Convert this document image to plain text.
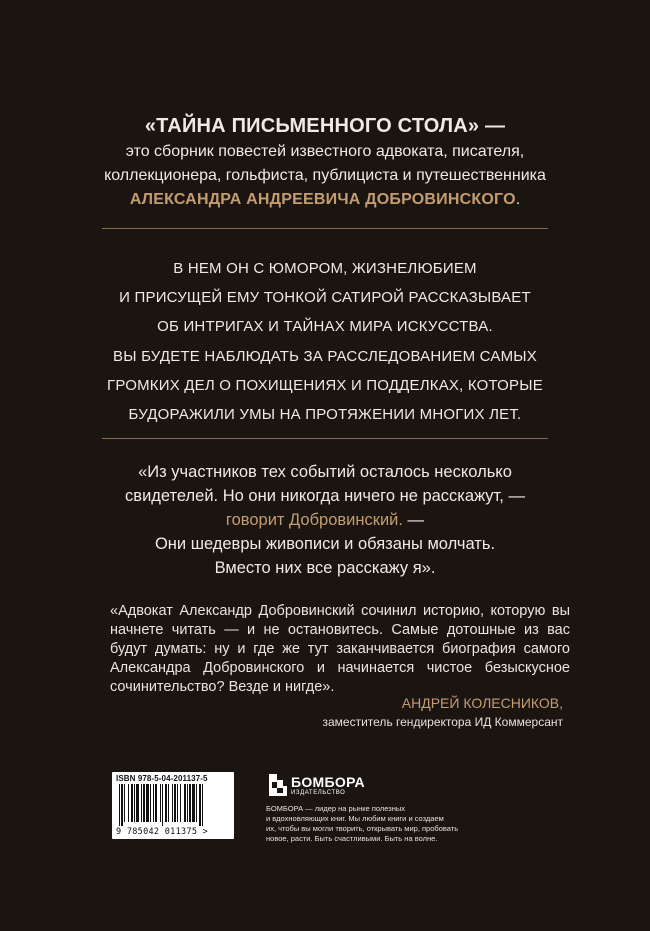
«ТАЙНА ПИСЬМЕННОГО СТОЛА» —
это сборник повестей известного адвоката, писателя,
коллекционера, гольфиста, публициста и путешественника
АЛЕКСАНДРА АНДРЕЕВИЧА ДОБРОВИНСКОГО.
В НЕМ ОН С ЮМОРОМ, ЖИЗНЕЛЮБИЕМ
И ПРИСУЩЕЙ ЕМУ ТОНКОЙ САТИРОЙ РАССКАЗЫВАЕТ
ОБ ИНТРИГАХ И ТАЙНАХ МИРА ИСКУССТВА.
ВЫ БУДЕТЕ НАБЛЮДАТЬ ЗА РАССЛЕДОВАНИЕМ САМЫХ
ГРОМКИХ ДЕЛ О ПОХИЩЕНИЯХ И ПОДДЕЛКАХ, КОТОРЫЕ
БУДОРАЖИЛИ УМЫ НА ПРОТЯЖЕНИИ МНОГИХ ЛЕТ.
«Из участников тех событий осталось несколько
свидетелей. Но они никогда ничего не расскажут, —
говорит Добровинский. —
Они шедевры живописи и обязаны молчать.
Вместо них все расскажу я».
«Адвокат Александр Добровинский сочинил историю, которую вы начнете читать — и не остановитесь. Самые дотошные из вас будут думать: ну и где же тут заканчивается биография самого Александра Добровинского и начинается чистое безыскусное сочинительство? Везде и нигде».
АНДРЕЙ КОЛЕСНИКОВ,
заместитель гендиректора ИД Коммерсант
ISBN 978-5-04-201137-5
9 785042 011375 >
БОМБОРА
ИЗДАТЕЛЬСТВО
БОМБОРА — лидер на рынке полезных
и вдохновляющих книг. Мы любим книги и создаем
их, чтобы вы могли творить, открывать мир, пробовать
новое, расти. Быть счастливыми. Быть на волне.
